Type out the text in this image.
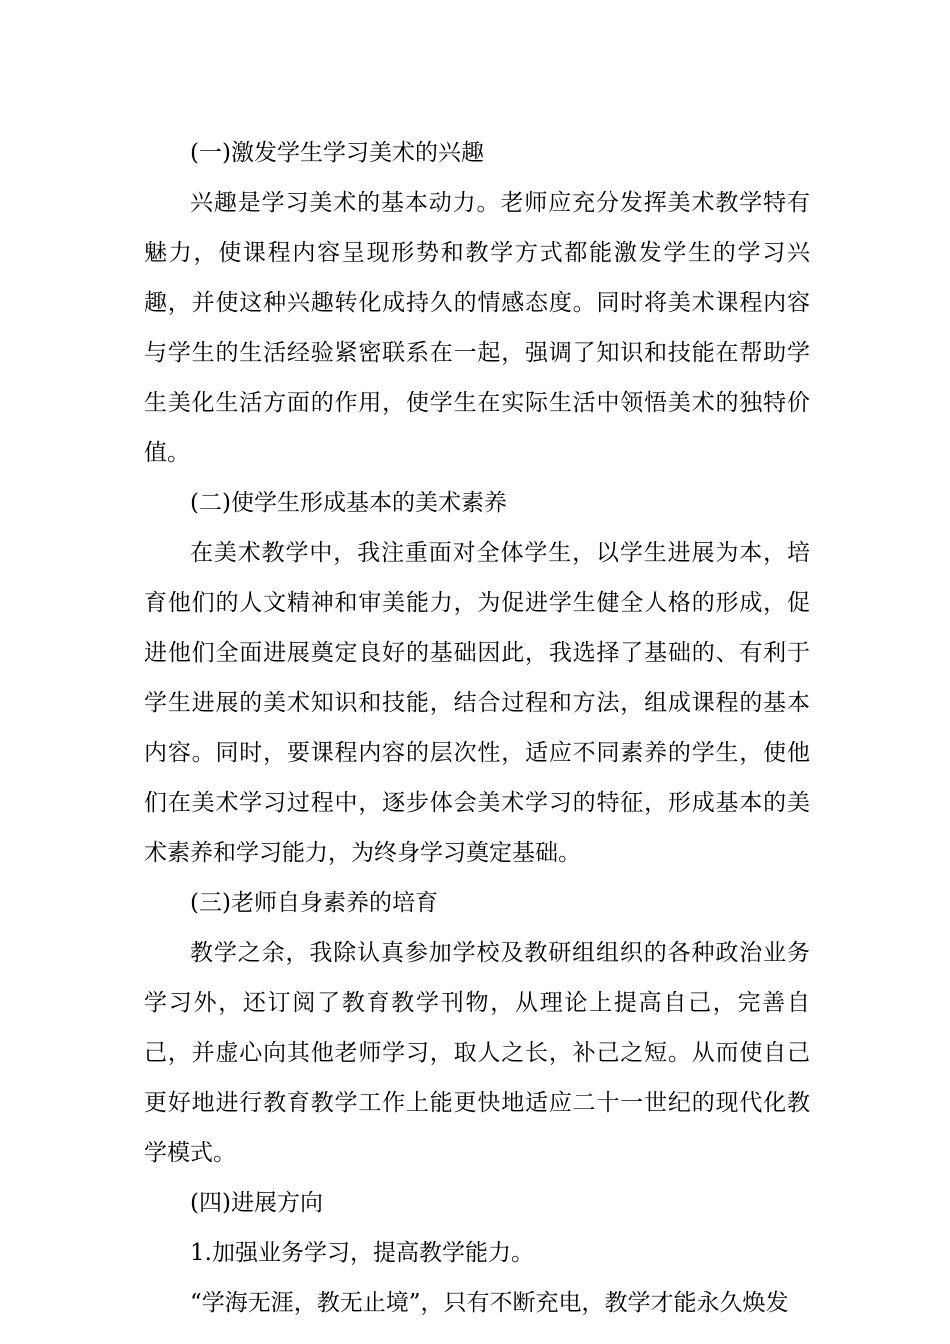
(一)激发学生学习美术的兴趣

兴趣是学习美术的基本动力。老师应充分发挥美术教学特有魅力，使课程内容呈现形势和教学方式都能激发学生的学习兴趣，并使这种兴趣转化成持久的情感态度。同时将美术课程内容与学生的生活经验紧密联系在一起，强调了知识和技能在帮助学生美化生活方面的作用，使学生在实际生活中领悟美术的独特价值。

(二)使学生形成基本的美术素养

在美术教学中，我注重面对全体学生，以学生进展为本，培育他们的人文精神和审美能力，为促进学生健全人格的形成，促进他们全面进展奠定良好的基础因此，我选择了基础的、有利于学生进展的美术知识和技能，结合过程和方法，组成课程的基本内容。同时，要课程内容的层次性，适应不同素养的学生，使他们在美术学习过程中，逐步体会美术学习的特征，形成基本的美术素养和学习能力，为终身学习奠定基础。

(三)老师自身素养的培育

教学之余，我除认真参加学校及教研组组织的各种政治业务学习外，还订阅了教育教学刊物，从理论上提高自己，完善自己，并虚心向其他老师学习，取人之长，补己之短。从而使自己更好地进行教育教学工作上能更快地适应二十一世纪的现代化教学模式。

(四)进展方向

1.加强业务学习，提高教学能力。

“学海无涯，教无止境”，只有不断充电，教学才能永久焕发
